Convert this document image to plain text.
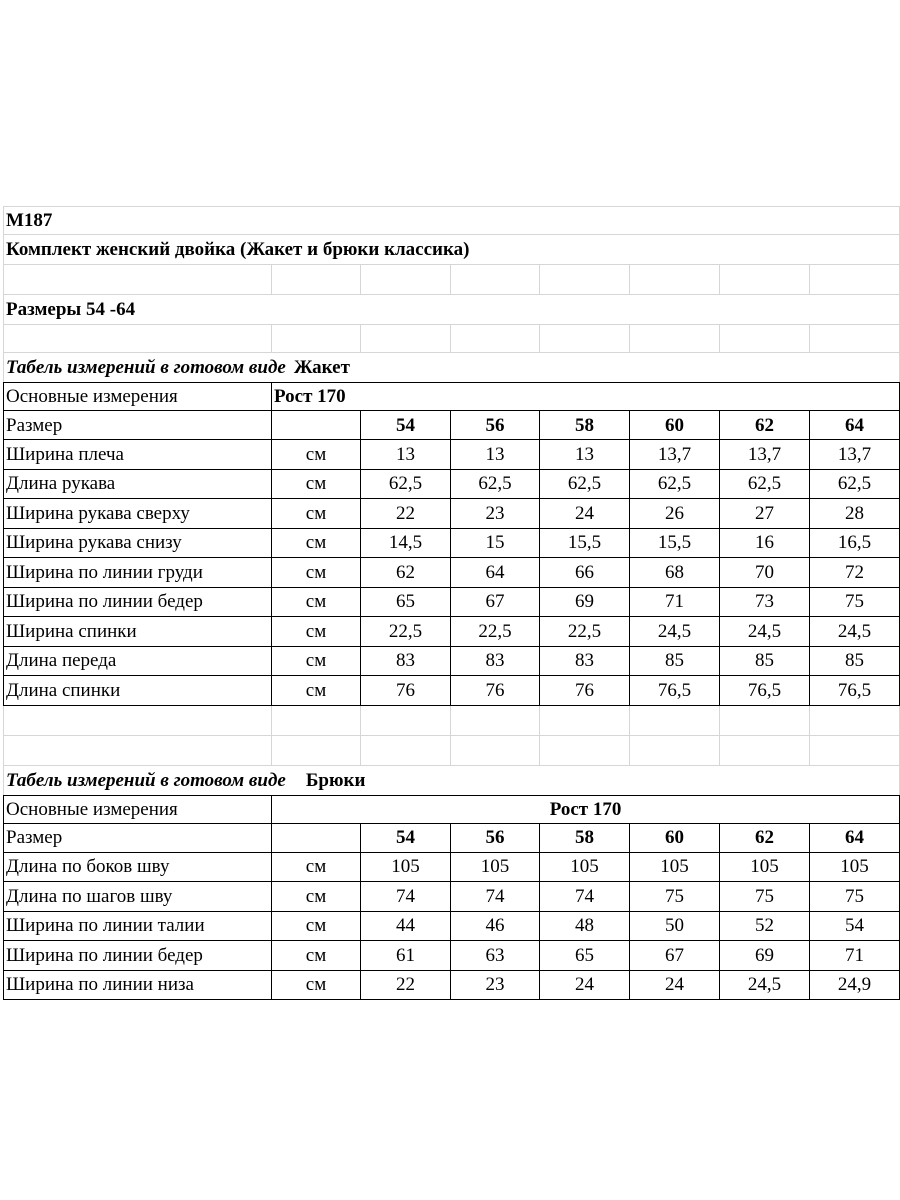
M187							
Комплект женский двойка (Жакет и брюки классика)							

Размеры 54 -64							

Табель измерений в готовом виде Жакет							
Основные измерения	Рост 170						
Размер		54	56	58	60	62	64
Ширина плеча	см	13	13	13	13,7	13,7	13,7
Длина рукава	см	62,5	62,5	62,5	62,5	62,5	62,5
Ширина рукава сверху	см	22	23	24	26	27	28
Ширина рукава снизу	см	14,5	15	15,5	15,5	16	16,5
Ширина по линии груди	см	62	64	66	68	70	72
Ширина по линии бедер	см	65	67	69	71	73	75
Ширина спинки	см	22,5	22,5	22,5	24,5	24,5	24,5
Длина переда	см	83	83	83	85	85	85
Длина спинки	см	76	76	76	76,5	76,5	76,5

Табель измерений в готовом виде Брюки							
Основные измерения	Рост 170						
Размер		54	56	58	60	62	64
Длина по боков шву	см	105	105	105	105	105	105
Длина по шагов шву	см	74	74	74	75	75	75
Ширина по линии талии	см	44	46	48	50	52	54
Ширина по линии бедер	см	61	63	65	67	69	71
Ширина по линии низа	см	22	23	24	24	24,5	24,9
